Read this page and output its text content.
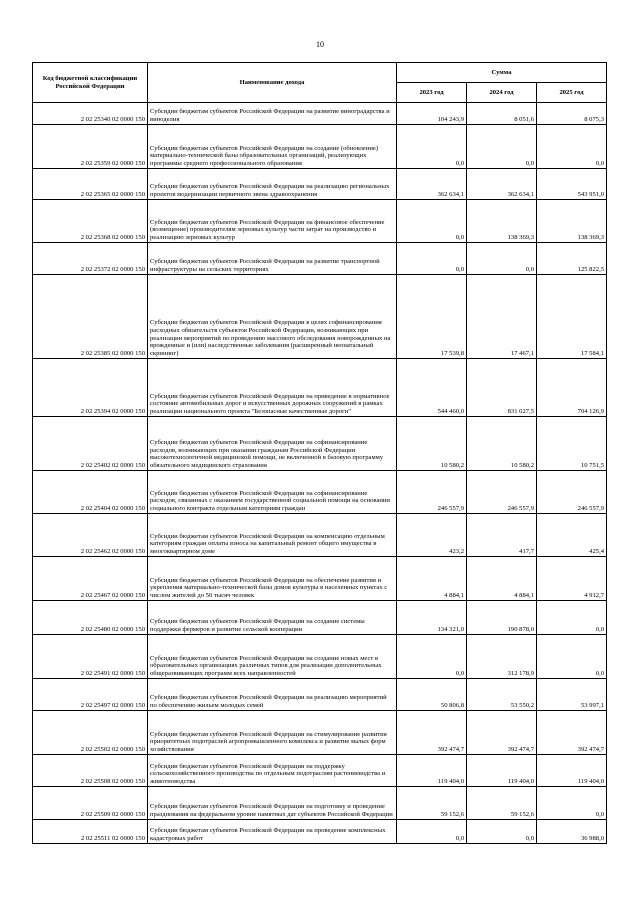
10
Код бюджетной классификации Российской Федерации	Наименование дохода	Сумма		
		2023 год	2024 год	2025 год
2 02 25340 02 0000 150	Субсидии бюджетам субъектов Российской Федерации на развитие виноградарства и виноделия	104 243,9	8 051,6	8 075,3
2 02 25359 02 0000 150	Субсидии бюджетам субъектов Российской Федерации на создание (обновление) материально-технической базы образовательных организаций, реализующих программы среднего профессионального образования	0,0	0,0	0,0
2 02 25365 02 0000 150	Субсидии бюджетам субъектов Российской Федерации на реализацию региональных проектов модернизации первичного звена здравоохранения	362 634,1	362 634,1	543 951,0
2 02 25368 02 0000 150	Субсидии бюджетам субъектов Российской Федерации на финансовое обеспечение (возмещение) производителям зерновых культур части затрат на производство и реализацию зерновых культур	0,0	138 369,3	138 369,3
2 02 25372 02 0000 150	Субсидии бюджетам субъектов Российской Федерации на развитие транспортной инфраструктуры на сельских территориях	0,0	0,0	125 822,5
2 02 25385 02 0000 150	Субсидии бюджетам субъектов Российской Федерации в целях софинансирования расходных обязательств субъектов Российской Федерации, возникающих при реализации мероприятий по проведению массового обследования новорожденных на врожденные и (или) наследственные заболевания (расширенный неонатальный скрининг)	17 539,8	17 467,1	17 584,1
2 02 25394 02 0000 150	Субсидии бюджетам субъектов Российской Федерации на приведение в нормативное состояние автомобильных дорог и искусственных дорожных сооружений в рамках реализации национального проекта "Безопасные качественные дороги"	544 460,0	831 027,5	704 126,9
2 02 25402 02 0000 150	Субсидии бюджетам субъектов Российской Федерации на софинансирование расходов, возникающих при оказании гражданам Российской Федерации высокотехнологичной медицинской помощи, не включенной в базовую программу обязательного медицинского страхования	10 580,2	10 580,2	10 751,5
2 02 25404 02 0000 150	Субсидии бюджетам субъектов Российской Федерации на софинансирование расходов, связанных с оказанием государственной социальной помощи на основании социального контракта отдельным категориям граждан	246 557,9	246 557,9	246 557,9
2 02 25462 02 0000 150	Субсидии бюджетам субъектов Российской Федерации на компенсацию отдельным категориям граждан оплаты взноса на капитальный ремонт общего имущества в многоквартирном доме	423,2	417,7	425,4
2 02 25467 02 0000 150	Субсидии бюджетам субъектов Российской Федерации на обеспечение развития и укрепления материально-технической базы домов культуры в населенных пунктах с числом жителей до 50 тысяч человек	4 884,1	4 884,1	4 912,7
2 02 25480 02 0000 150	Субсидии бюджетам субъектов Российской Федерации на создание системы поддержки фермеров и развитие сельской кооперации	134 321,0	190 878,0	0,0
2 02 25491 02 0000 150	Субсидии бюджетам субъектов Российской Федерации на создание новых мест в образовательных организациях различных типов для реализации дополнительных общеразвивающих программ всех направленностей	0,0	312 178,9	0,0
2 02 25497 02 0000 150	Субсидии бюджетам субъектов Российской Федерации на реализацию мероприятий по обеспечению жильем молодых семей	50 806,8	53 550,2	53 997,1
2 02 25502 02 0000 150	Субсидии бюджетам субъектов Российской Федерации на стимулирование развития приоритетных подотраслей агропромышленного комплекса и развитие малых форм хозяйствования	392 474,7	392 474,7	392 474,7
2 02 25508 02 0000 150	Субсидии бюджетам субъектов Российской Федерации на поддержку сельскохозяйственного производства по отдельным подотраслям растениеводства и животноводства	119 404,0	119 404,0	119 404,0
2 02 25509 02 0000 150	Субсидии бюджетам субъектов Российской Федерации на подготовку и проведение празднования на федеральном уровне памятных дат субъектов Российской Федерации	59 152,6	59 152,6	0,0
2 02 25511 02 0000 150	Субсидии бюджетам субъектов Российской Федерации на проведение комплексных кадастровых работ	0,0	0,0	36 988,0
